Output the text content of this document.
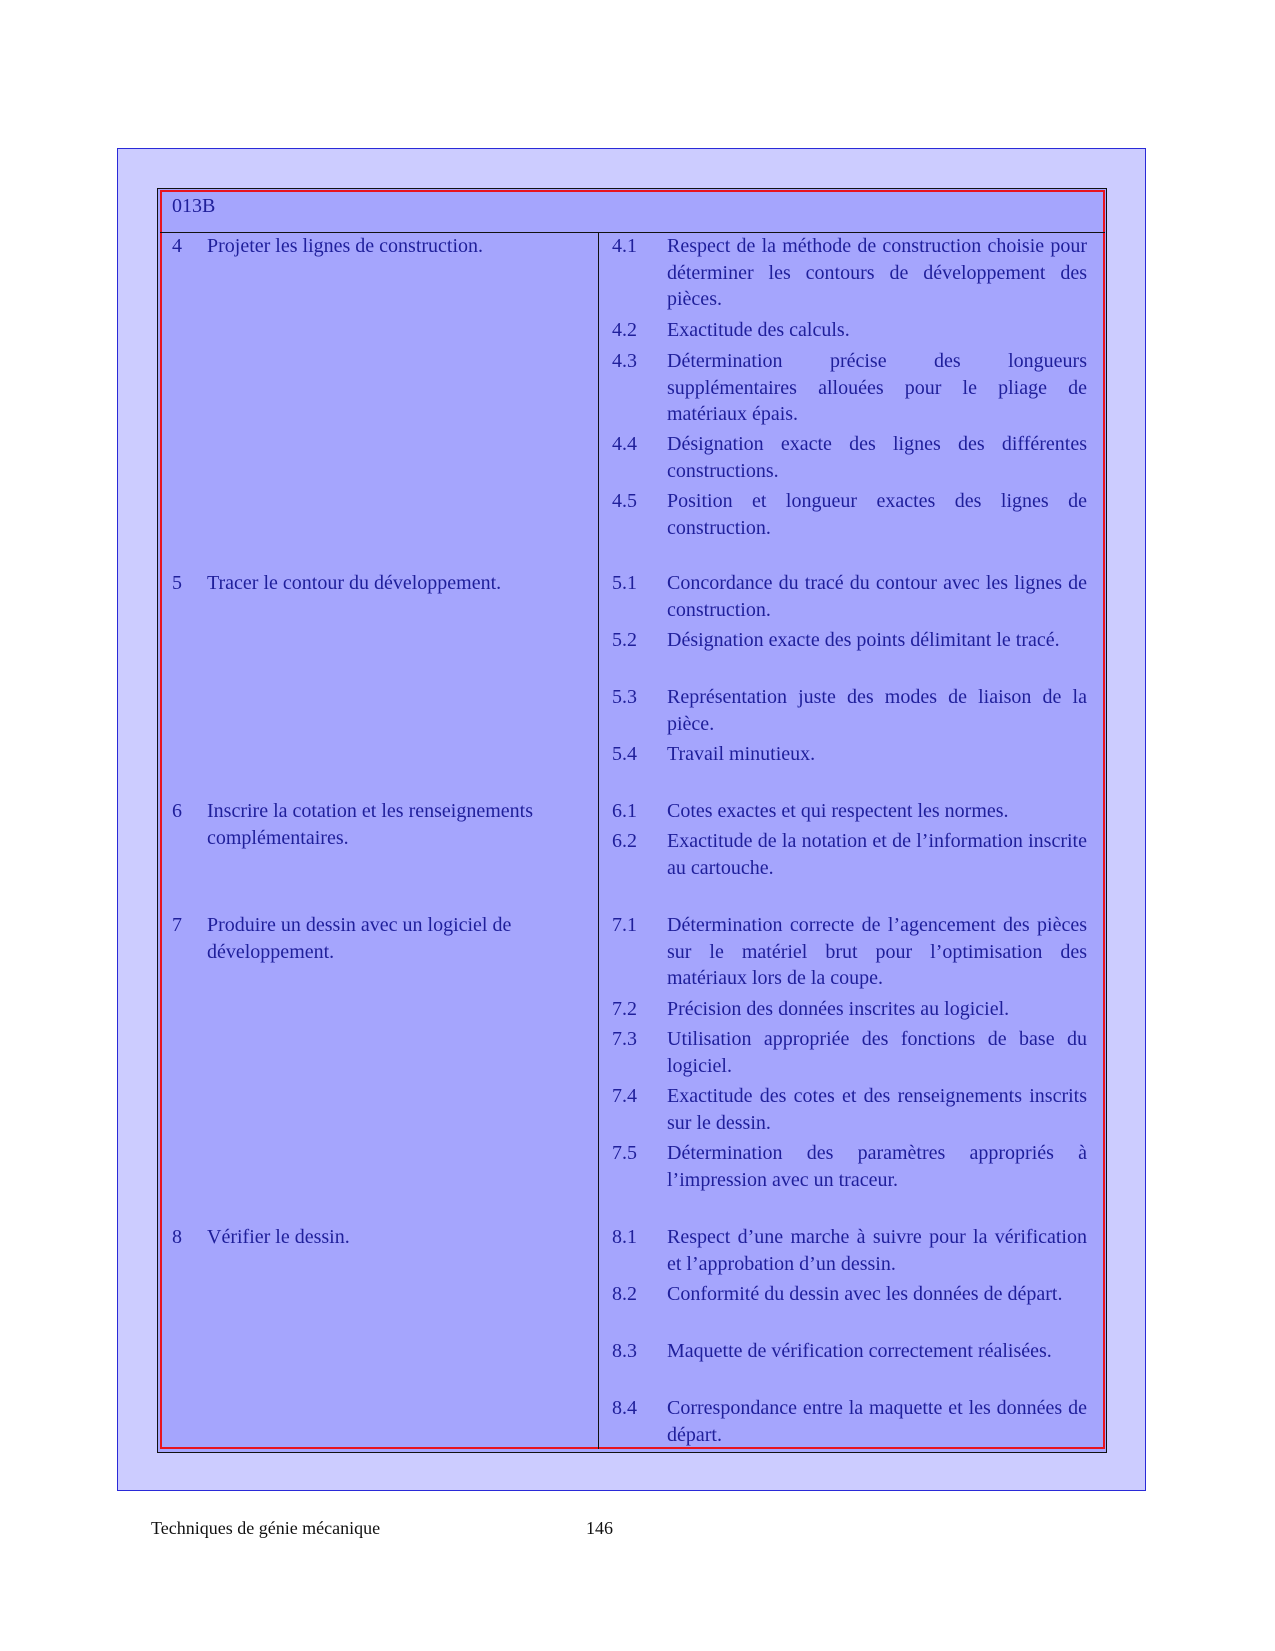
013B
4 Projeter les lignes de construction.	4.1 Respect de la méthode de construction choisie pour déterminer les contours de développement des pièces.
4.2 Exactitude des calculs.
4.3 Détermination précise des longueurs supplémentaires allouées pour le pliage de matériaux épais.
4.4 Désignation exacte des lignes des différentes constructions.
4.5 Position et longueur exactes des lignes de construction.
5 Tracer le contour du développement.	5.1 Concordance du tracé du contour avec les lignes de construction.
5.2 Désignation exacte des points délimitant le tracé.
5.3 Représentation juste des modes de liaison de la pièce.
5.4 Travail minutieux.
6 Inscrire la cotation et les renseignements complémentaires.
6.1 Cotes exactes et qui respectent les normes.
6.2 Exactitude de la notation et de l’information inscrite au cartouche.
7 Produire un dessin avec un logiciel de développement.
7.1 Détermination correcte de l’agencement des pièces sur le matériel brut pour l’optimisation des matériaux lors de la coupe.
7.2 Précision des données inscrites au logiciel.
7.3 Utilisation appropriée des fonctions de base du logiciel.
7.4 Exactitude des cotes et des renseignements inscrits sur le dessin.
7.5 Détermination des paramètres appropriés à l’impression avec un traceur.
8 Vérifier le dessin.	8.1 Respect d’une marche à suivre pour la vérification et l’approbation d’un dessin.
8.2 Conformité du dessin avec les données de départ.
8.3 Maquette de vérification correctement réalisées.
8.4 Correspondance entre la maquette et les données de départ.
Techniques de génie mécanique	146
